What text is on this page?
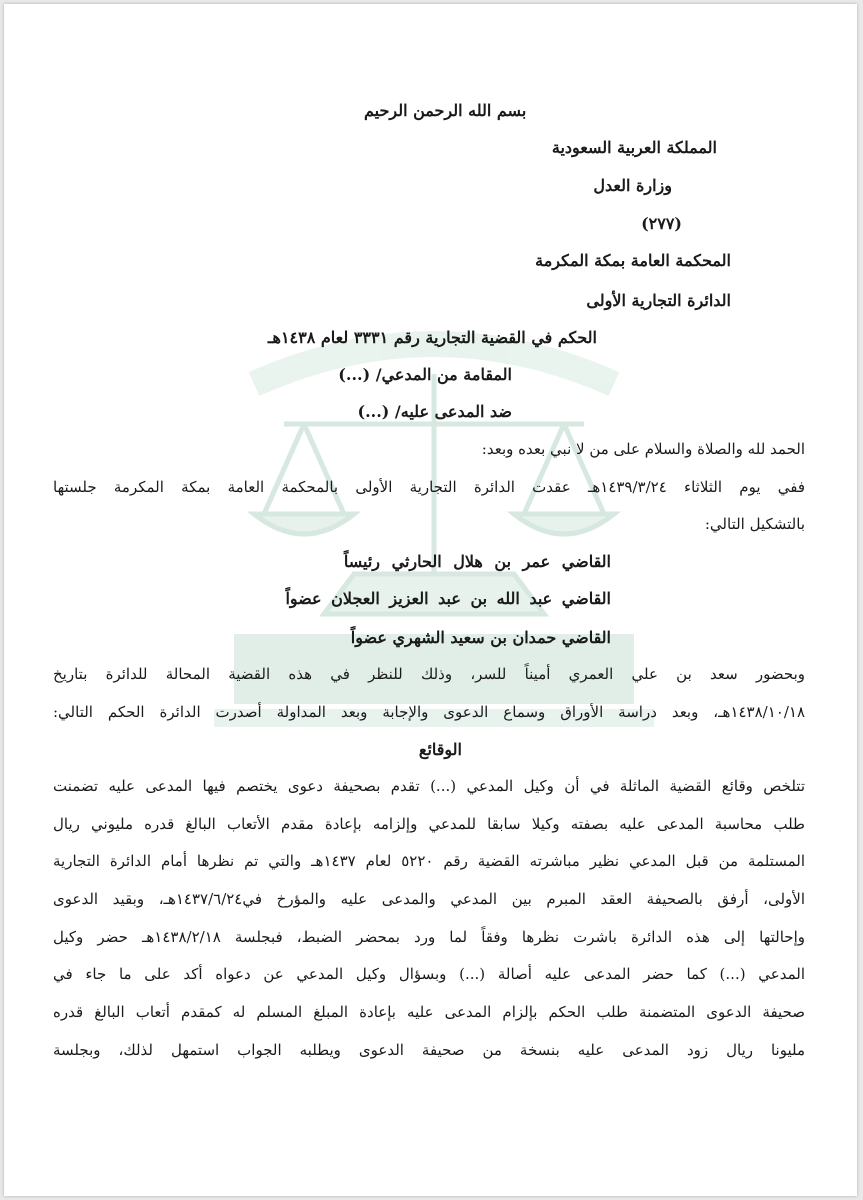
بسم الله الرحمن الرحيم
المملكة العربية السعودية
وزارة العدل
(٢٧٧)
المحكمة العامة بمكة المكرمة
الدائرة التجارية الأولى
الحكم في القضية التجارية رقم ٣٣٣١ لعام ١٤٣٨هـ
المقامة من المدعي/ (...)
ضد المدعى عليه/ (...)
الحمد لله والصلاة والسلام على من لا نبي بعده وبعد:
ففي يوم الثلاثاء ١٤٣٩/٣/٢٤هـ عقدت الدائرة التجارية الأولى بالمحكمة العامة بمكة المكرمة جلستها
بالتشكيل التالي:
القاضي عمر بن هلال الحارثي رئيساً
القاضي عبد الله بن عبد العزيز العجلان عضواً
القاضي حمدان بن سعيد الشهري عضواً
وبحضور سعد بن علي العمري أميناً للسر، وذلك للنظر في هذه القضية المحالة للدائرة بتاريخ
١٤٣٨/١٠/١٨هـ، وبعد دراسة الأوراق وسماع الدعوى والإجابة وبعد المداولة أصدرت الدائرة الحكم التالي:
الوقائع
تتلخص وقائع القضية الماثلة في أن وكيل المدعي (...) تقدم بصحيفة دعوى يختصم فيها المدعى عليه تضمنت
طلب محاسبة المدعى عليه بصفته وكيلا سابقا للمدعي وإلزامه بإعادة مقدم الأتعاب البالغ قدره مليوني ريال
المستلمة من قبل المدعي نظير مباشرته القضية رقم ٥٢٢٠ لعام ١٤٣٧هـ والتي تم نظرها أمام الدائرة التجارية
الأولى، أرفق بالصحيفة العقد المبرم بين المدعي والمدعى عليه والمؤرخ في١٤٣٧/٦/٢٤هـ، وبقيد الدعوى
وإحالتها إلى هذه الدائرة باشرت نظرها وفقاً لما ورد بمحضر الضبط، فبجلسة ١٤٣٨/٢/١٨هـ حضر وكيل
المدعي (...) كما حضر المدعى عليه أصالة (...) وبسؤال وكيل المدعي عن دعواه أكد على ما جاء في
صحيفة الدعوى المتضمنة طلب الحكم بإلزام المدعى عليه بإعادة المبلغ المسلم له كمقدم أتعاب البالغ قدره
مليونا ريال زود المدعى عليه بنسخة من صحيفة الدعوى ويطلبه الجواب استمهل لذلك، وبجلسة
